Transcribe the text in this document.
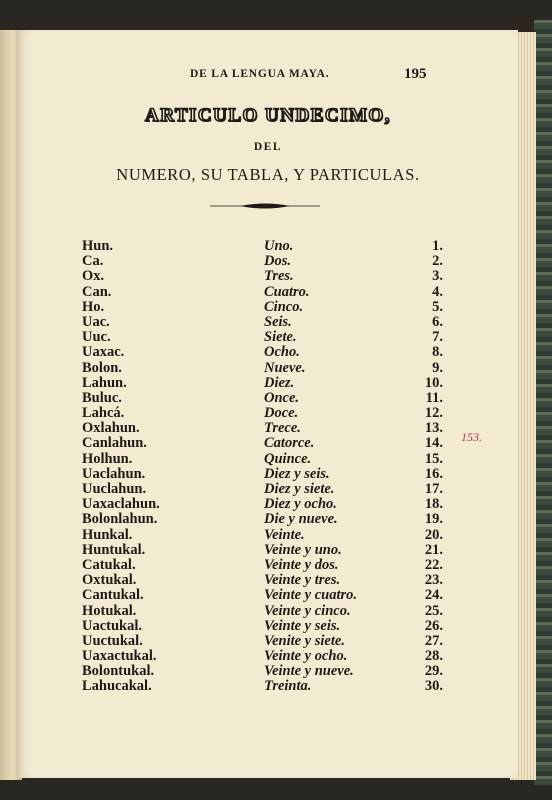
DE LA LENGUA MAYA.	195
ARTICULO UNDECIMO,
DEL
NUMERO, SU TABLA, Y PARTICULAS.
Hun.	Uno.	1.
Ca.	Dos.	2.
Ox.	Tres.	3.
Can.	Cuatro.	4.
Ho.	Cinco.	5.
Uac.	Seis.	6.
Uuc.	Siete.	7.
Uaxac.	Ocho.	8.
Bolon.	Nueve.	9.
Lahun.	Diez.	10.
Buluc.	Once.	11.
Lahcá.	Doce.	12.
Oxlahun.	Trece.	13.
Canlahun.	Catorce.	14.
Holhun.	Quince.	15.
Uaclahun.	Diez y seis.	16.
Uuclahun.	Diez y siete.	17.
Uaxaclahun.	Diez y ocho.	18.
Bolonlahun.	Die y nueve.	19.
Hunkal.	Veinte.	20.
Huntukal.	Veinte y uno.	21.
Catukal.	Veinte y dos.	22.
Oxtukal.	Veinte y tres.	23.
Cantukal.	Veinte y cuatro.	24.
Hotukal.	Veinte y cinco.	25.
Uactukal.	Veinte y seis.	26.
Uuctukal.	Venite y siete.	27.
Uaxactukal.	Veinte y ocho.	28.
Bolontukal.	Veinte y nueve.	29.
Lahucakal.	Treinta.	30.
153.
